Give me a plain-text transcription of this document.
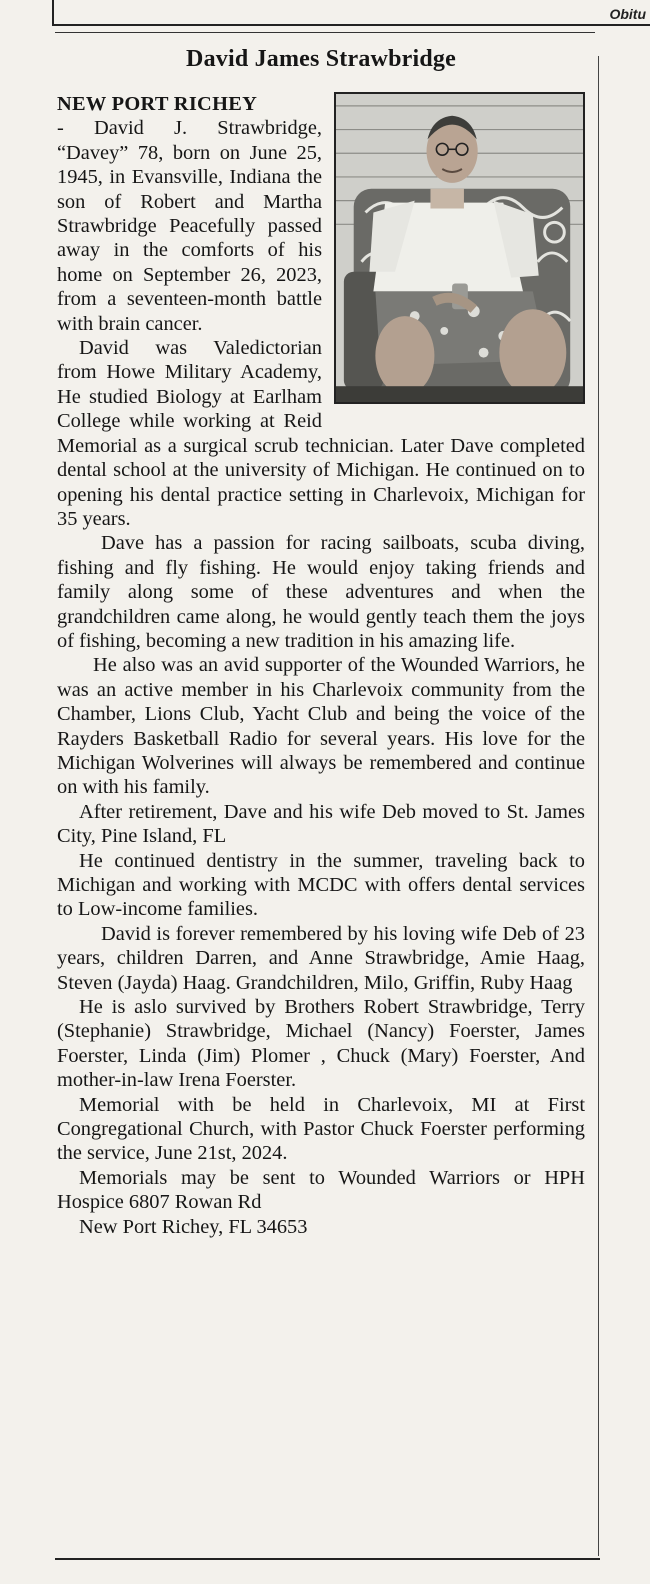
Obitu
David James Strawbridge

NEW PORT RICHEY
- David J. Strawbridge, “Davey” 78, born on June 25, 1945, in Evansville, Indiana the son of Robert and Martha Strawbridge Peacefully passed away in the comforts of his home on September 26, 2023, from a seventeen-month battle with brain cancer.

David was Valedictorian from Howe Military Academy, He studied Biology at Earlham College while working at Reid Memorial as a surgical scrub technician. Later Dave completed dental school at the university of Michigan. He continued on to opening his dental practice setting in Charlevoix, Michigan for 35 years.

Dave has a passion for racing sailboats, scuba diving, fishing and fly fishing. He would enjoy taking friends and family along some of these adventures and when the grandchildren came along, he would gently teach them the joys of fishing, becoming a new tradition in his amazing life.

He also was an avid supporter of the Wounded Warriors, he was an active member in his Charlevoix community from the Chamber, Lions Club, Yacht Club and being the voice of the Rayders Basketball Radio for several years. His love for the Michigan Wolverines will always be remembered and continue on with his family.

After retirement, Dave and his wife Deb moved to St. James City, Pine Island, FL

He continued dentistry in the summer, traveling back to Michigan and working with MCDC with offers dental services to Low-income families.

David is forever remembered by his loving wife Deb of 23 years, children Darren, and Anne Strawbridge, Amie Haag, Steven (Jayda) Haag. Grandchildren, Milo, Griffin, Ruby Haag

He is aslo survived by Brothers Robert Strawbridge, Terry (Stephanie) Strawbridge, Michael (Nancy) Foerster, James Foerster, Linda (Jim) Plomer , Chuck (Mary) Foerster, And mother-in-law Irena Foerster.

Memorial with be held in Charlevoix, MI at First Congregational Church, with Pastor Chuck Foerster performing the service, June 21st, 2024.

Memorials may be sent to Wounded Warriors or HPH Hospice 6807 Rowan Rd

New Port Richey, FL 34653
